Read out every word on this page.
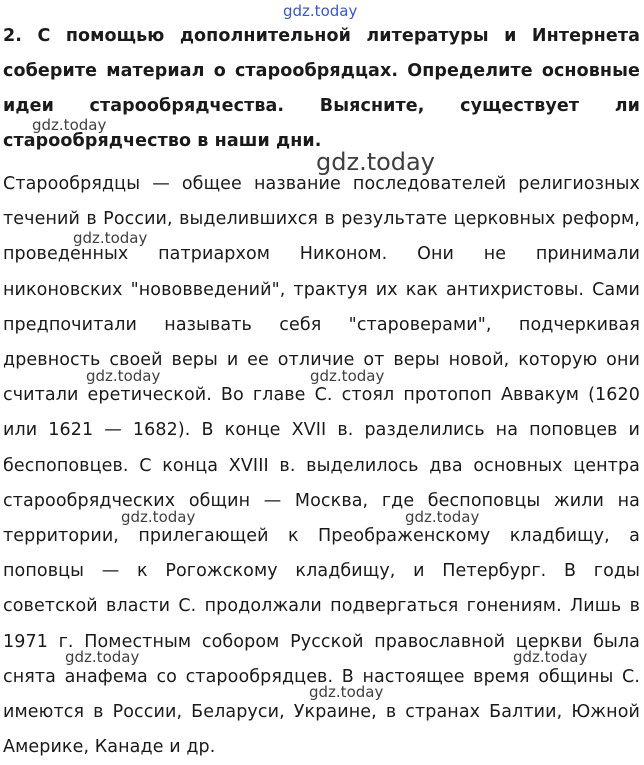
2. С помощью дополнительной литературы и Интернета соберите материал о старообрядцах. Определите основные идеи старообрядчества. Выясните, существует ли старообрядчество в наши дни.
Старообрядцы — общее название последователей религиозных течений в России, выделившихся в результате церковных реформ, проведенных патриархом Никоном. Они не принимали никоновских "нововведений", трактуя их как антихристовы. Сами предпочитали называть себя "староверами", подчеркивая древность своей веры и ее отличие от веры новой, которую они считали еретической. Во главе С. стоял протопоп Аввакум (1620 или 1621 — 1682). В конце XVII в. разделились на поповцев и беспоповцев. С конца XVIII в. выделилось два основных центра старообрядческих общин — Москва, где беспоповцы жили на территории, прилегающей к Преображенскому кладбищу, а поповцы — к Рогожскому кладбищу, и Петербург. В годы советской власти С. продолжали подвергаться гонениям. Лишь в 1971 г. Поместным собором Русской православной церкви была снята анафема со старообрядцев. В настоящее время общины С. имеются в России, Беларуси, Украине, в странах Балтии, Южной Америке, Канаде и др.
gdz.today
gdz.today
gdz.today
gdz.today
gdz.today	gdz.today
gdz.today	gdz.today
gdz.today	gdz.today
gdz.today
